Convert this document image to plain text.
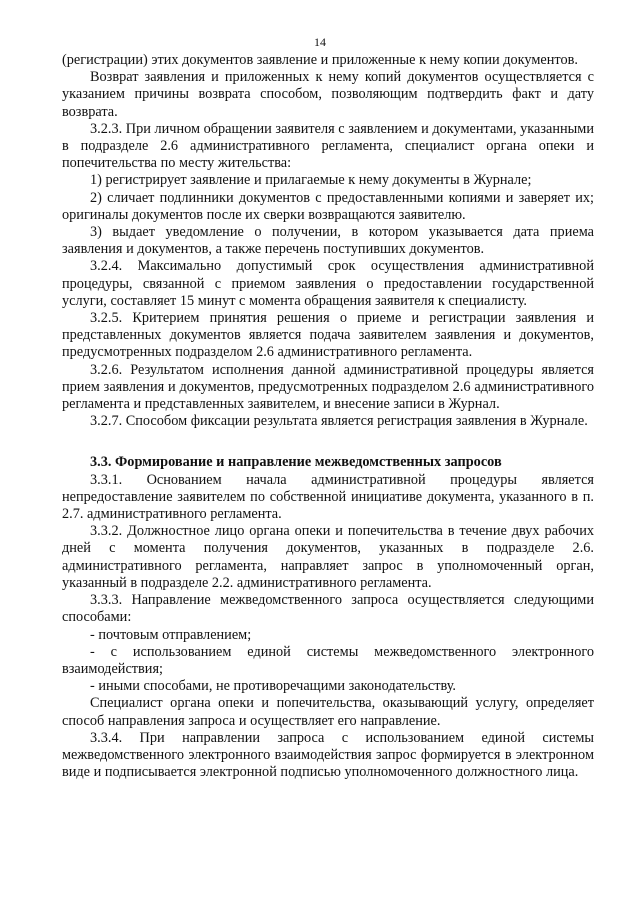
14

(регистрации) этих документов заявление и приложенные к нему копии документов.

Возврат заявления и приложенных к нему копий документов осуществляется с указанием причины возврата способом, позволяющим подтвердить факт и дату возврата.

3.2.3. При личном обращении заявителя с заявлением и документами, указанными в подразделе 2.6 административного регламента, специалист органа опеки и попечительства по месту жительства:

1) регистрирует заявление и прилагаемые к нему документы в Журнале;

2) сличает подлинники документов с предоставленными копиями и заверяет их; оригиналы документов после их сверки возвращаются заявителю.

3) выдает уведомление о получении, в котором указывается дата приема заявления и документов, а также перечень поступивших документов.

3.2.4. Максимально допустимый срок осуществления административной процедуры, связанной с приемом заявления о предоставлении государственной услуги, составляет 15 минут с момента обращения заявителя к специалисту.

3.2.5. Критерием принятия решения о приеме и регистрации заявления и представленных документов является подача заявителем заявления и документов, предусмотренных подразделом 2.6 административного регламента.

3.2.6. Результатом исполнения данной административной процедуры является прием заявления и документов, предусмотренных подразделом 2.6 административного регламента и представленных заявителем, и внесение записи в Журнал.

3.2.7. Способом фиксации результата является регистрация заявления в Журнале.

3.3. Формирование и направление межведомственных запросов

3.3.1. Основанием начала административной процедуры является непредоставление заявителем по собственной инициативе документа, указанного в п. 2.7. административного регламента.

3.3.2. Должностное лицо органа опеки и попечительства в течение двух рабочих дней с момента получения документов, указанных в подразделе 2.6. административного регламента, направляет запрос в уполномоченный орган, указанный в подразделе 2.2. административного регламента.

3.3.3. Направление межведомственного запроса осуществляется следующими способами:

- почтовым отправлением;

- с использованием единой системы межведомственного электронного взаимодействия;

- иными способами, не противоречащими законодательству.

Специалист органа опеки и попечительства, оказывающий услугу, определяет способ направления запроса и осуществляет его направление.

3.3.4. При направлении запроса с использованием единой системы межведомственного электронного взаимодействия запрос формируется в электронном виде и подписывается электронной подписью уполномоченного должностного лица.
